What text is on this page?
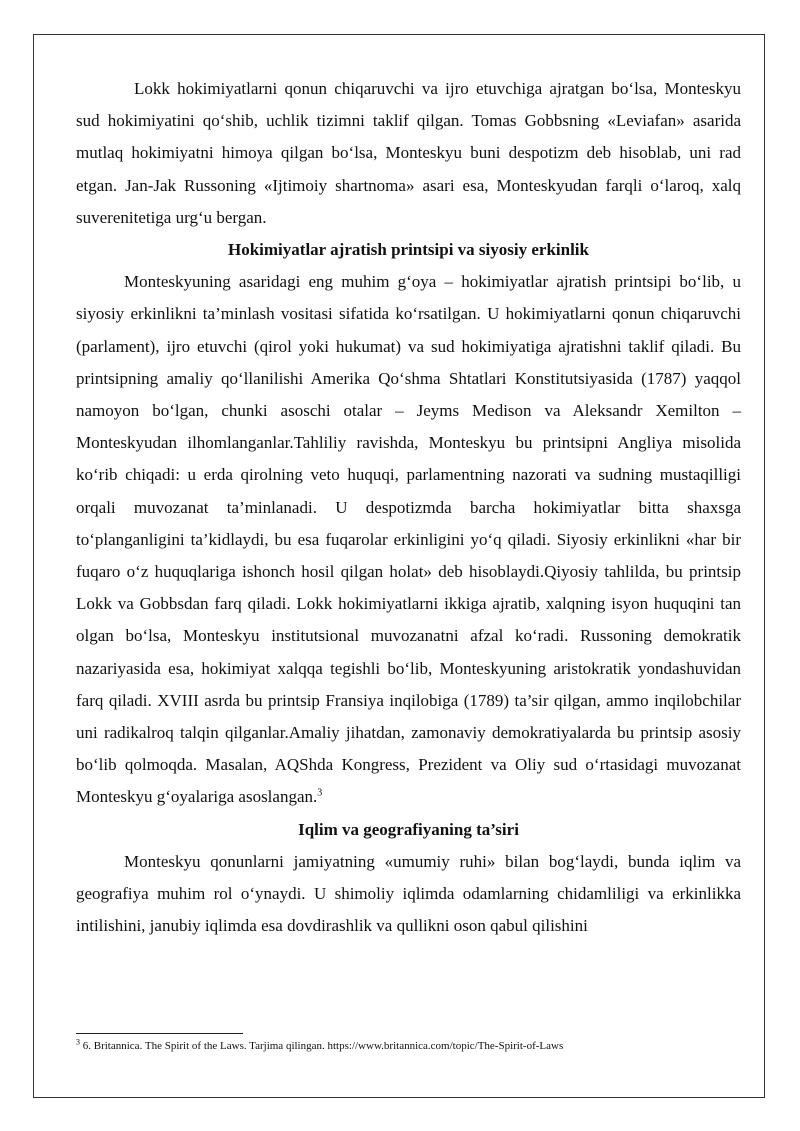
Lokk hokimiyatlarni qonun chiqaruvchi va ijro etuvchiga ajratgan bo‘lsa, Monteskyu sud hokimiyatini qo‘shib, uchlik tizimni taklif qilgan. Tomas Gobbsning «Leviafan» asarida mutlaq hokimiyatni himoya qilgan bo‘lsa, Monteskyu buni despotizm deb hisoblab, uni rad etgan. Jan-Jak Russoning «Ijtimoiy shartnoma» asari esa, Monteskyudan farqli o‘laroq, xalq suverenitetiga urg‘u bergan.

Hokimiyatlar ajratish printsipi va siyosiy erkinlik

Monteskyuning asaridagi eng muhim g‘oya – hokimiyatlar ajratish printsipi bo‘lib, u siyosiy erkinlikni ta’minlash vositasi sifatida ko‘rsatilgan. U hokimiyatlarni qonun chiqaruvchi (parlament), ijro etuvchi (qirol yoki hukumat) va sud hokimiyatiga ajratishni taklif qiladi. Bu printsipning amaliy qo‘llanilishi Amerika Qo‘shma Shtatlari Konstitutsiyasida (1787) yaqqol namoyon bo‘lgan, chunki asoschi otalar – Jeyms Medison va Aleksandr Xemilton – Monteskyudan ilhomlanganlar.Tahliliy ravishda, Monteskyu bu printsipni Angliya misolida ko‘rib chiqadi: u erda qirolning veto huquqi, parlamentning nazorati va sudning mustaqilligi orqali muvozanat ta’minlanadi. U despotizmda barcha hokimiyatlar bitta shaxsga to‘planganligini ta’kidlaydi, bu esa fuqarolar erkinligini yo‘q qiladi. Siyosiy erkinlikni «har bir fuqaro o‘z huquqlariga ishonch hosil qilgan holat» deb hisoblaydi.Qiyosiy tahlilda, bu printsip Lokk va Gobbsdan farq qiladi. Lokk hokimiyatlarni ikkiga ajratib, xalqning isyon huquqini tan olgan bo‘lsa, Monteskyu institutsional muvozanatni afzal ko‘radi. Russoning demokratik nazariyasida esa, hokimiyat xalqqa tegishli bo‘lib, Monteskyuning aristokratik yondashuvidan farq qiladi. XVIII asrda bu printsip Fransiya inqilobiga (1789) ta’sir qilgan, ammo inqilobchilar uni radikalroq talqin qilganlar.Amaliy jihatdan, zamonaviy demokratiyalarda bu printsip asosiy bo‘lib qolmoqda. Masalan, AQShda Kongress, Prezident va Oliy sud o‘rtasidagi muvozanat Monteskyu g‘oyalariga asoslangan.$^3$

Iqlim va geografiyaning ta’siri

Monteskyu qonunlarni jamiyatning «umumiy ruhi» bilan bog‘laydi, bunda iqlim va geografiya muhim rol o‘ynaydi. U shimoliy iqlimda odamlarning chidamliligi va erkinlikka intilishini, janubiy iqlimda esa dovdirashlik va qullikni oson qabul qilishini

$^3$ 6. Britannica. The Spirit of the Laws. Tarjima qilingan. https://www.britannica.com/topic/The-Spirit-of-Laws
